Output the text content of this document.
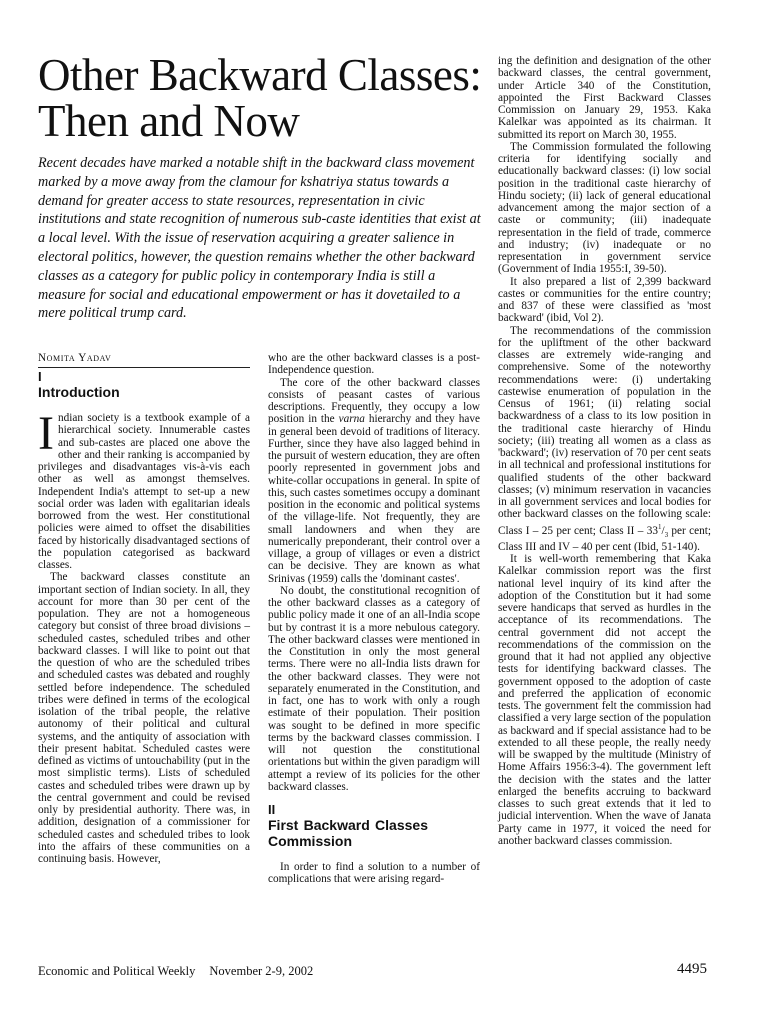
Other Backward Classes:
Then and Now

Recent decades have marked a notable shift in the backward class movement marked by a move away from the clamour for kshatriya status towards a demand for greater access to state resources, representation in civic institutions and state recognition of numerous sub-caste identities that exist at a local level. With the issue of reservation acquiring a greater salience in electoral politics, however, the question remains whether the other backward classes as a category for public policy in contemporary India is still a measure for social and educational empowerment or has it dovetailed to a mere political trump card.

Nomita Yadav
I
Introduction

Indian society is a textbook example of a hierarchical society. Innumerable castes and sub-castes are placed one above the other and their ranking is accompanied by privileges and disadvantages vis-à-vis each other as well as amongst themselves. Independent India's attempt to set-up a new social order was laden with egalitarian ideals borrowed from the west. Her constitutional policies were aimed to offset the disabilities faced by historically disadvantaged sections of the population categorised as backward classes.

The backward classes constitute an important section of Indian society. In all, they account for more than 30 per cent of the population. They are not a homogeneous category but consist of three broad divisions – scheduled castes, scheduled tribes and other backward classes. I will like to point out that the question of who are the scheduled tribes and scheduled castes was debated and roughly settled before independence. The scheduled tribes were defined in terms of the ecological isolation of the tribal people, the relative autonomy of their political and cultural systems, and the antiquity of association with their present habitat. Scheduled castes were defined as victims of untouchability (put in the most simplistic terms). Lists of scheduled castes and scheduled tribes were drawn up by the central government and could be revised only by presidential authority. There was, in addition, designation of a commissioner for scheduled castes and scheduled tribes to look into the affairs of these communities on a continuing basis. However,

who are the other backward classes is a post-Independence question.

The core of the other backward classes consists of peasant castes of various descriptions. Frequently, they occupy a low position in the varna hierarchy and they have in general been devoid of traditions of literacy. Further, since they have also lagged behind in the pursuit of western education, they are often poorly represented in government jobs and white-collar occupations in general. In spite of this, such castes sometimes occupy a dominant position in the economic and political systems of the village-life. Not frequently, they are small landowners and when they are numerically preponderant, their control over a village, a group of villages or even a district can be decisive. They are known as what Srinivas (1959) calls the 'dominant castes'.

No doubt, the constitutional recognition of the other backward classes as a category of public policy made it one of an all-India scope but by contrast it is a more nebulous category. The other backward classes were mentioned in the Constitution in only the most general terms. There were no all-India lists drawn for the other backward classes. They were not separately enumerated in the Constitution, and in fact, one has to work with only a rough estimate of their population. Their position was sought to be defined in more specific terms by the backward classes commission. I will not question the constitutional orientations but within the given paradigm will attempt a review of its policies for the other backward classes.

II
First Backward Classes Commission

In order to find a solution to a number of complications that were arising regard-

ing the definition and designation of the other backward classes, the central government, under Article 340 of the Constitution, appointed the First Backward Classes Commission on January 29, 1953. Kaka Kalelkar was appointed as its chairman. It submitted its report on March 30, 1955.

The Commission formulated the following criteria for identifying socially and educationally backward classes: (i) low social position in the traditional caste hierarchy of Hindu society; (ii) lack of general educational advancement among the major section of a caste or community; (iii) inadequate representation in the field of trade, commerce and industry; (iv) inadequate or no representation in government service (Government of India 1955:I, 39-50).

It also prepared a list of 2,399 backward castes or communities for the entire country; and 837 of these were classified as 'most backward' (ibid, Vol 2).

The recommendations of the commission for the upliftment of the other backward classes are extremely wide-ranging and comprehensive. Some of the noteworthy recommendations were: (i) undertaking castewise enumeration of population in the Census of 1961; (ii) relating social backwardness of a class to its low position in the traditional caste hierarchy of Hindu society; (iii) treating all women as a class as 'backward'; (iv) reservation of 70 per cent seats in all technical and professional institutions for qualified students of the other backward classes; (v) minimum reservation in vacancies in all government services and local bodies for other backward classes on the following scale: Class I – 25 per cent; Class II – $33^1/_3$ per cent; Class III and IV – 40 per cent (Ibid, 51-140).

It is well-worth remembering that Kaka Kalelkar commission report was the first national level inquiry of its kind after the adoption of the Constitution but it had some severe handicaps that served as hurdles in the acceptance of its recommendations. The central government did not accept the recommendations of the commission on the ground that it had not applied any objective tests for identifying backward classes. The government opposed to the adoption of caste and preferred the application of economic tests. The government felt the commission had classified a very large section of the population as backward and if special assistance had to be extended to all these people, the really needy will be swapped by the multitude (Ministry of Home Affairs 1956:3-4). The government left the decision with the states and the latter enlarged the benefits accruing to backward classes to such great extends that it led to judicial intervention. When the wave of Janata Party came in 1977, it voiced the need for another backward classes commission.

Economic and Political Weekly November 2-9, 2002	4495
